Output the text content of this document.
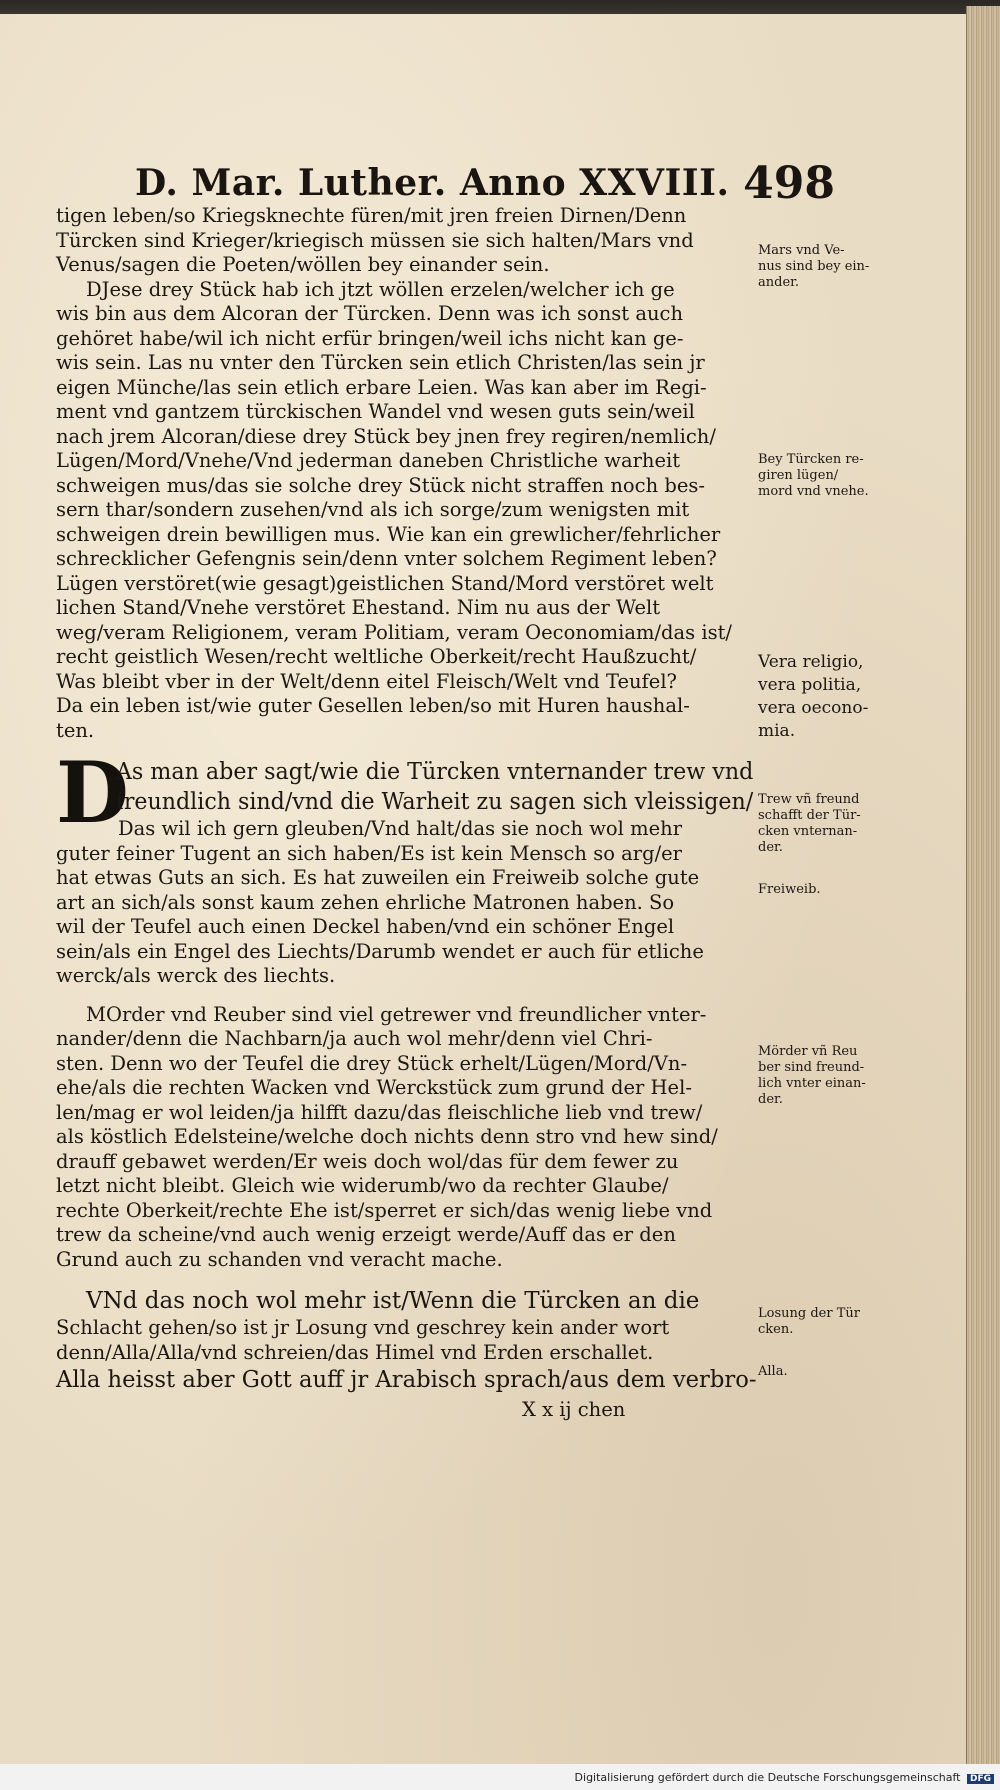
D. Mar. Luther. Anno XXVIII. 498
tigen leben/so Kriegsknechte füren/mit jren freien Dirnen/Denn
Türcken sind Krieger/kriegisch müssen sie sich halten/Mars vnd
Venus/sagen die Poeten/wöllen bey einander sein.
DJese drey Stück hab ich jtzt wöllen erzelen/welcher ich ge
wis bin aus dem Alcoran der Türcken. Denn was ich sonst auch
gehöret habe/wil ich nicht erfür bringen/weil ichs nicht kan ge-
wis sein. Las nu vnter den Türcken sein etlich Christen/las sein jr
eigen Münche/las sein etlich erbare Leien. Was kan aber im Regi-
ment vnd gantzem türckischen Wandel vnd wesen guts sein/weil
nach jrem Alcoran/diese drey Stück bey jnen frey regiren/nemlich/
Lügen/Mord/Vnehe/Vnd jederman daneben Christliche warheit
schweigen mus/das sie solche drey Stück nicht straffen noch bes-
sern thar/sondern zusehen/vnd als ich sorge/zum wenigsten mit
schweigen drein bewilligen mus. Wie kan ein grewlicher/fehrlicher
schrecklicher Gefengnis sein/denn vnter solchem Regiment leben?
Lügen verstöret(wie gesagt)geistlichen Stand/Mord verstöret welt
lichen Stand/Vnehe verstöret Ehestand. Nim nu aus der Welt
weg/veram Religionem, veram Politiam, veram Oeconomiam/das ist/
recht geistlich Wesen/recht weltliche Oberkeit/recht Haußzucht/
Was bleibt vber in der Welt/denn eitel Fleisch/Welt vnd Teufel?
Da ein leben ist/wie guter Gesellen leben/so mit Huren haushal-
ten.
D
As man aber sagt/wie die Türcken vnternander trew vnd
freundlich sind/vnd die Warheit zu sagen sich vleissigen/
Das wil ich gern gleuben/Vnd halt/das sie noch wol mehr
guter feiner Tugent an sich haben/Es ist kein Mensch so arg/er
hat etwas Guts an sich. Es hat zuweilen ein Freiweib solche gute
art an sich/als sonst kaum zehen ehrliche Matronen haben. So
wil der Teufel auch einen Deckel haben/vnd ein schöner Engel
sein/als ein Engel des Liechts/Darumb wendet er auch für etliche
werck/als werck des liechts.
MOrder vnd Reuber sind viel getrewer vnd freundlicher vnter-
nander/denn die Nachbarn/ja auch wol mehr/denn viel Chri-
sten. Denn wo der Teufel die drey Stück erhelt/Lügen/Mord/Vn-
ehe/als die rechten Wacken vnd Werckstück zum grund der Hel-
len/mag er wol leiden/ja hilfft dazu/das fleischliche lieb vnd trew/
als köstlich Edelsteine/welche doch nichts denn stro vnd hew sind/
drauff gebawet werden/Er weis doch wol/das für dem fewer zu
letzt nicht bleibt. Gleich wie widerumb/wo da rechter Glaube/
rechte Oberkeit/rechte Ehe ist/sperret er sich/das wenig liebe vnd
trew da scheine/vnd auch wenig erzeigt werde/Auff das er den
Grund auch zu schanden vnd veracht mache.
VNd das noch wol mehr ist/Wenn die Türcken an die
Schlacht gehen/so ist jr Losung vnd geschrey kein ander wort
denn/Alla/Alla/vnd schreien/das Himel vnd Erden erschallet.
Alla heisst aber Gott auff jr Arabisch sprach/aus dem verbro-
X x ij chen
Mars vnd Ve-
nus sind bey ein-
ander.
Bey Türcken re-
giren lügen/
mord vnd vnehe.
Vera religio,
vera politia,
vera oecono-
mia.
Trew vñ freund
schafft der Tür-
cken vnternan-
der.
Freiweib.
Mörder vñ Reu
ber sind freund-
lich vnter einan-
der.
Losung der Tür
cken.
Alla.
Digitalisierung gefördert durch die Deutsche Forschungsgemeinschaft DFG
